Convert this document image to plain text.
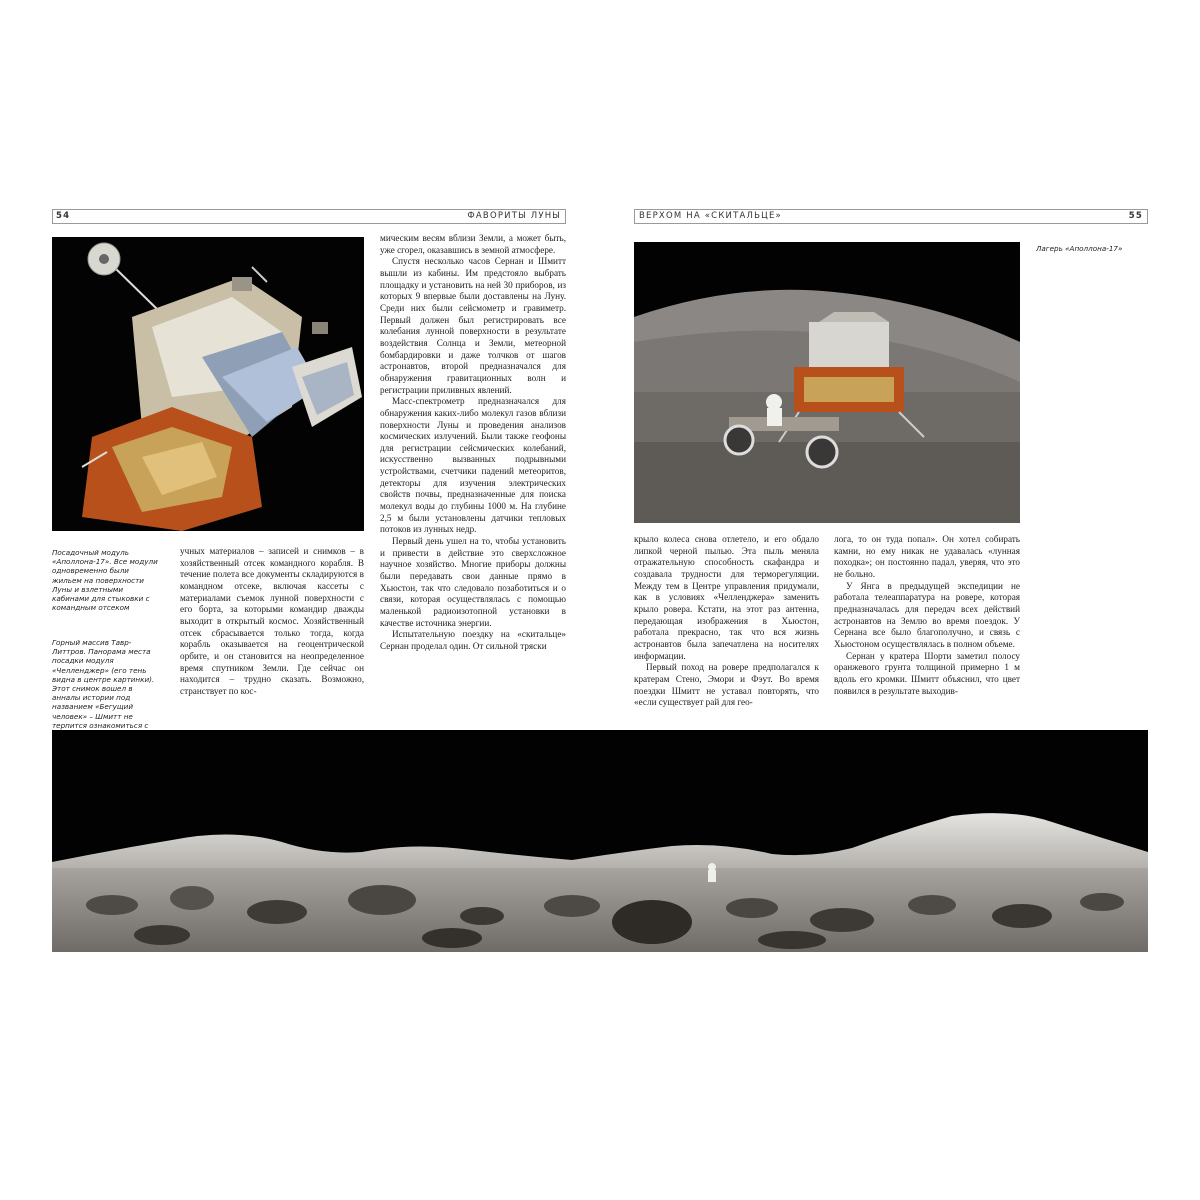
54	ФАВОРИТЫ ЛУНЫ	ВЕРХОМ НА «СКИТАЛЬЦЕ»	55
Посадочный модуль «Аполлона-17». Все модули одновременно были жильем на поверхности Луны и взлетными кабинами для стыковки с командным отсеком
Горный массив Тавр-Литтров. Панорама места посадки модуля «Челленджер» (его тень видна в центре картинки). Этот снимок вошел в анналы истории под названием «Бегущий человек» – Шмитт не терпится ознакомиться с

учных материалов – записей и снимков – в хозяйственный отсек командного корабля. В течение полета все документы складируются в командном отсеке, включая кассеты с материалами съемок лунной поверхности с его борта, за которыми командир дважды выходит в открытый космос. Хозяйственный отсек сбрасывается только тогда, когда корабль оказывается на геоцентрической орбите, и он становится на неопределенное время спутником Земли. Где сейчас он находится – трудно сказать. Возможно, странствует по кос-

мическим весям вблизи Земли, а может быть, уже сгорел, оказавшись в земной атмосфере.

Спустя несколько часов Сернан и Шмитт вышли из кабины. Им предстояло выбрать площадку и установить на ней 30 приборов, из которых 9 впервые были доставлены на Луну. Среди них были сейсмометр и гравиметр. Первый должен был регистрировать все колебания лунной поверхности в результате воздействия Солнца и Земли, метеорной бомбардировки и даже толчков от шагов астронавтов, второй предназначался для обнаружения гравитационных волн и регистрации приливных явлений.

Масс-спектрометр предназначался для обнаружения каких-либо молекул газов вблизи поверхности Луны и проведения анализов космических излучений. Были также геофоны для регистрации сейсмических колебаний, искусственно вызванных подрывными устройствами, счетчики падений метеоритов, детекторы для изучения электрических свойств почвы, предназначенные для поиска молекул воды до глубины 1000 м. На глубине 2,5 м были установлены датчики тепловых потоков из лунных недр.

Первый день ушел на то, чтобы установить и привести в действие это сверхсложное научное хозяйство. Многие приборы должны были передавать свои данные прямо в Хьюстон, так что следовало позаботиться и о связи, которая осуществлялась с помощью маленькой радиоизотопной установки в качестве источника энергии.

Испытательную поездку на «скитальце» Сернан проделал один. От сильной тряски

Лагерь «Аполлона-17»

крыло колеса снова отлетело, и его обдало липкой черной пылью. Эта пыль меняла отражательную способность скафандра и создавала трудности для терморегуляции. Между тем в Центре управления придумали, как в условиях «Челленджера» заменить крыло ровера. Кстати, на этот раз антенна, передающая изображения в Хьюстон, работала прекрасно, так что вся жизнь астронавтов была запечатлена на носителях информации.

Первый поход на ровере предполагался к кратерам Стено, Эмори и Фэут. Во время поездки Шмитт не уставал повторять, что «если существует рай для гео-

лога, то он туда попал». Он хотел собирать камни, но ему никак не удавалась «лунная походка»; он постоянно падал, уверяя, что это не больно.

У Янга в предыдущей экспедиции не работала телеаппаратура на ровере, которая предназначалась для передач всех действий астронавтов на Землю во время поездок. У Сернана все было благополучно, и связь с Хьюстоном осуществлялась в полном объеме.

Сернан у кратера Шорти заметил полосу оранжевого грунта толщиной примерно 1 м вдоль его кромки. Шмитт объяснил, что цвет появился в результате выходив-
